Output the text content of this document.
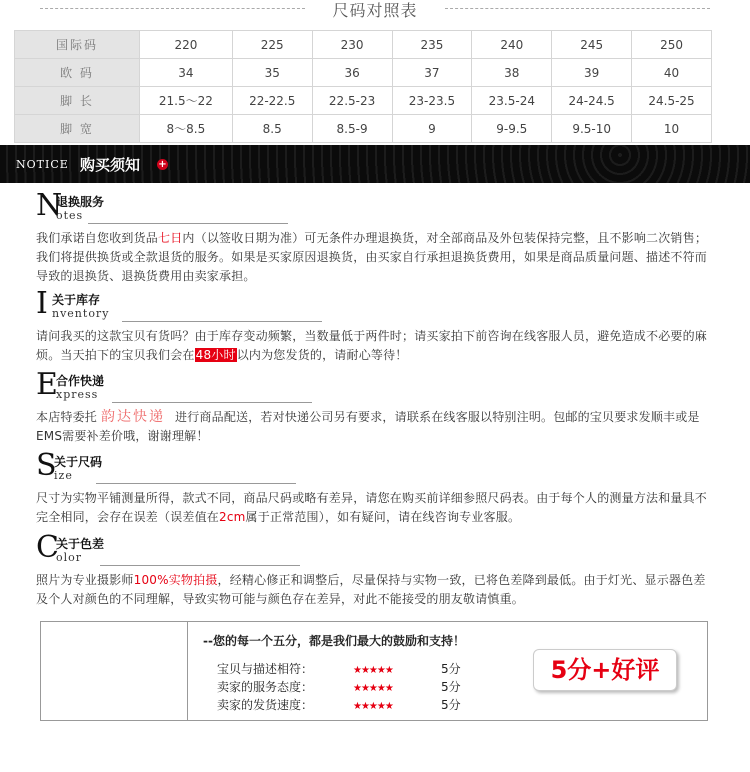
尺码对照表
国际码	220	225	230	235	240	245	250
欧 码	34	35	36	37	38	39	40
脚 长	21.5～22	22-22.5	22.5-23	23-23.5	23.5-24	24-24.5	24.5-25
脚 宽	8～8.5	8.5	8.5-9	9	9-9.5	9.5-10	10
NOTICE 购买须知 +
N
退换服务
otes
我们承诺自您收到货品七日内（以签收日期为准）可无条件办理退换货，对全部商品及外包装保持完整，且不影响二次销售；我们将提供换货或全款退货的服务。如果是买家原因退换货，由买家自行承担退换货费用，如果是商品质量问题、描述不符而导致的退换货、退换货费用由卖家承担。
I 关于库存
nventory
请问我买的这款宝贝有货吗？由于库存变动频繁，当数量低于两件时；请买家拍下前咨询在线客服人员，避免造成不必要的麻烦。当天拍下的宝贝我们会在48小时以内为您发货的，请耐心等待！
E
合作快递
xpress
本店特委托 韵达快递 进行商品配送，若对快递公司另有要求，请联系在线客服以特别注明。包邮的宝贝要求发顺丰或是EMS需要补差价哦，谢谢理解！
S
关于尺码
ize
尺寸为实物平铺测量所得，款式不同，商品尺码或略有差异，请您在购买前详细参照尺码表。由于每个人的测量方法和量具不完全相同，会存在误差（误差值在2cm属于正常范围），如有疑问，请在线咨询专业客服。
C
关于色差
olor
照片为专业摄影师100%实物拍摄，经精心修正和调整后，尽量保持与实物一致，已将色差降到最低。由于灯光、显示器色差及个人对颜色的不同理解，导致实物可能与颜色存在差异，对此不能接受的朋友敬请慎重。
--您的每一个五分，都是我们最大的鼓励和支持！
宝贝与描述相符：	★★★★★	5分
卖家的服务态度：	★★★★★	5分
卖家的发货速度：	★★★★★	5分
5分+好评
